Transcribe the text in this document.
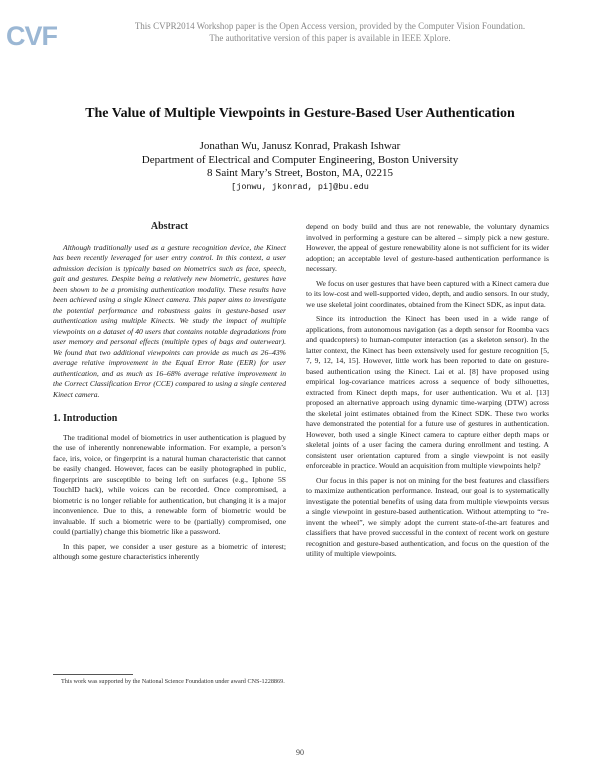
CVF	This CVPR2014 Workshop paper is the Open Access version, provided by the Computer Vision Foundation.
The authoritative version of this paper is available in IEEE Xplore.
The Value of Multiple Viewpoints in Gesture-Based User Authentication
Jonathan Wu, Janusz Konrad, Prakash Ishwar
Department of Electrical and Computer Engineering, Boston University
8 Saint Mary’s Street, Boston, MA, 02215
[jonwu, jkonrad, pi]@bu.edu
Abstract

Although traditionally used as a gesture recognition device, the Kinect has been recently leveraged for user entry control. In this context, a user admission decision is typically based on biometrics such as face, speech, gait and gestures. Despite being a relatively new biometric, gestures have been shown to be a promising authentication modality. These results have been achieved using a single Kinect camera. This paper aims to investigate the potential performance and robustness gains in gesture-based user authentication using multiple Kinects. We study the impact of multiple viewpoints on a dataset of 40 users that contains notable degradations from user memory and personal effects (multiple types of bags and outerwear). We found that two additional viewpoints can provide as much as 26–43% average relative improvement in the Equal Error Rate (EER) for user authentication, and as much as 16–68% average relative improvement in the Correct Classification Error (CCE) compared to using a single centered Kinect camera.

1. Introduction

The traditional model of biometrics in user authentication is plagued by the use of inherently nonrenewable information. For example, a person’s face, iris, voice, or fingerprint is a natural human characteristic that cannot be easily changed. However, faces can be easily photographed in public, fingerprints are susceptible to being left on surfaces (e.g., Iphone 5S TouchID hack), while voices can be recorded. Once compromised, a biometric is no longer reliable for authentication, but changing it is a major inconvenience. Due to this, a renewable form of biometric would be invaluable. If such a biometric were to be (partially) compromised, one could (partially) change this biometric like a password.

In this paper, we consider a user gesture as a biometric of interest; although some gesture characteristics inherently

depend on body build and thus are not renewable, the voluntary dynamics involved in performing a gesture can be altered – simply pick a new gesture. However, the appeal of gesture renewability alone is not sufficient for its wider adoption; an acceptable level of gesture-based authentication performance is necessary.

We focus on user gestures that have been captured with a Kinect camera due to its low-cost and well-supported video, depth, and audio sensors. In our study, we use skeletal joint coordinates, obtained from the Kinect SDK, as input data.

Since its introduction the Kinect has been used in a wide range of applications, from autonomous navigation (as a depth sensor for Roomba vacs and quadcopters) to human-computer interaction (as a skeleton sensor). In the latter context, the Kinect has been extensively used for gesture recognition [5, 7, 9, 12, 14, 15]. However, little work has been reported to date on gesture-based authentication using the Kinect. Lai et al. [8] have proposed using empirical log-covariance matrices across a sequence of body silhouettes, extracted from Kinect depth maps, for user authentication. Wu et al. [13] proposed an alternative approach using dynamic time-warping (DTW) across the skeletal joint estimates obtained from the Kinect SDK. These two works have demonstrated the potential for a future use of gestures in authentication. However, both used a single Kinect camera to capture either depth maps or skeletal joints of a user facing the camera during enrollment and testing. A consistent user orientation captured from a single viewpoint is not easily enforceable in practice. Would an acquisition from multiple viewpoints help?

Our focus in this paper is not on mining for the best features and classifiers to maximize authentication performance. Instead, our goal is to systematically investigate the potential benefits of using data from multiple viewpoints versus a single viewpoint in gesture-based authentication. Without attempting to “re-invent the wheel”, we simply adopt the current state-of-the-art features and classifiers that have proved successful in the context of recent work on gesture recognition and gesture-based authentication, and focus on the question of the utility of multiple viewpoints.

This work was supported by the National Science Foundation under award CNS-1228869.

90
